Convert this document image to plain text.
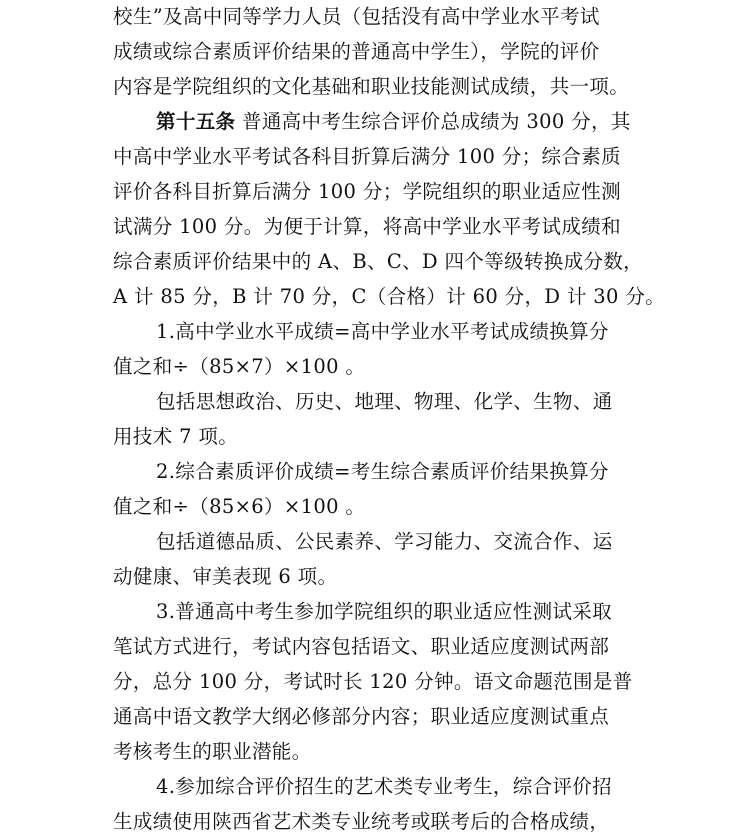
校生”及高中同等学力人员（包括没有高中学业水平考试
成绩或综合素质评价结果的普通高中学生），学院的评价
内容是学院组织的文化基础和职业技能测试成绩，共一项。
第十五条 普通高中考生综合评价总成绩为 300 分，其
中高中学业水平考试各科目折算后满分 100 分；综合素质
评价各科目折算后满分 100 分；学院组织的职业适应性测
试满分 100 分。为便于计算，将高中学业水平考试成绩和
综合素质评价结果中的 A、B、C、D 四个等级转换成分数，
A 计 85 分，B 计 70 分，C（合格）计 60 分，D 计 30 分。
1.高中学业水平成绩=高中学业水平考试成绩换算分
值之和÷（85×7）×100 。
包括思想政治、历史、地理、物理、化学、生物、通
用技术 7 项。
2.综合素质评价成绩=考生综合素质评价结果换算分
值之和÷（85×6）×100 。
包括道德品质、公民素养、学习能力、交流合作、运
动健康、审美表现 6 项。
3.普通高中考生参加学院组织的职业适应性测试采取
笔试方式进行，考试内容包括语文、职业适应度测试两部
分，总分 100 分，考试时长 120 分钟。语文命题范围是普
通高中语文教学大纲必修部分内容；职业适应度测试重点
考核考生的职业潜能。
4.参加综合评价招生的艺术类专业考生，综合评价招
生成绩使用陕西省艺术类专业统考或联考后的合格成绩，
